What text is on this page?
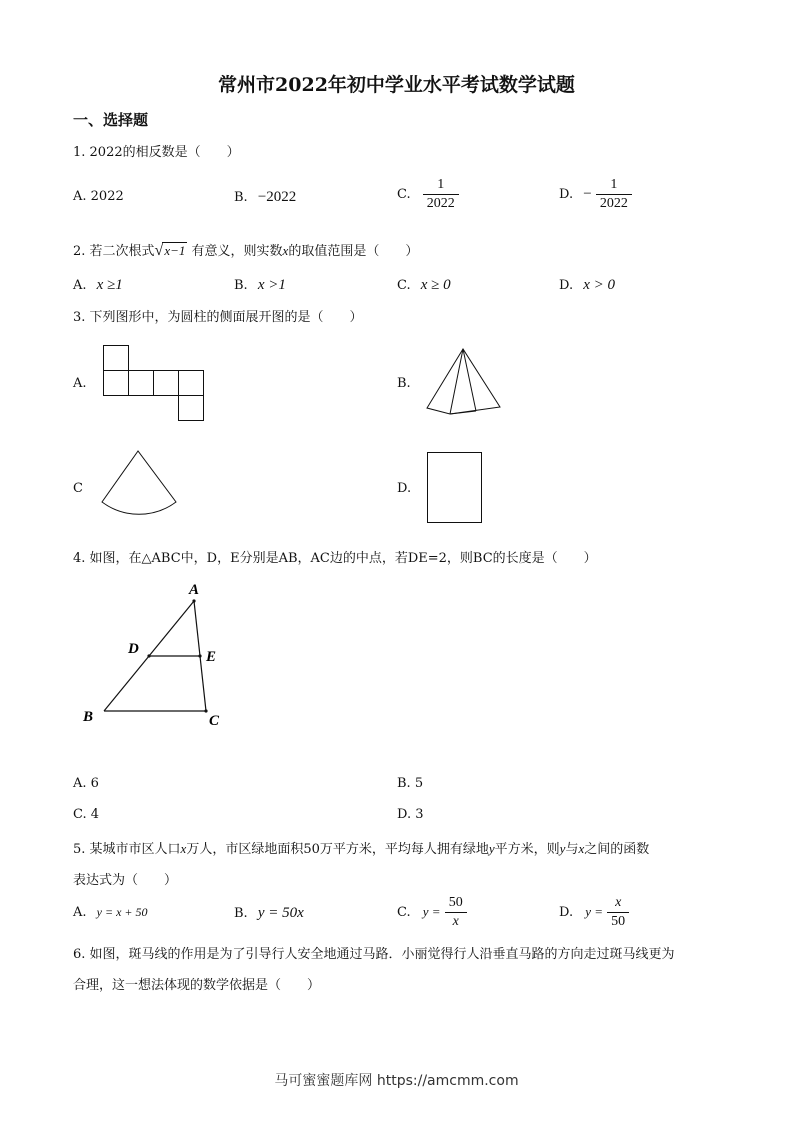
常州市2022年初中学业水平考试数学试题
一、选择题
1. 2022的相反数是（　　）
A. 2022	B. −2022	C. $\frac{1}{2022}$	D. − $\frac{1}{2022}$
2. 若二次根式√x−1 有意义，则实数x的取值范围是（　　）
A. x ≥1	B. x >1	C. x ≥ 0	D. x > 0
3. 下列图形中，为圆柱的侧面展开图的是（　　）
A.	B.
C	D.
4. 如图，在△ABC中，D，E分别是AB，AC边的中点，若DE=2，则BC的长度是（　　）
A
D	E
B	C
A. 6	B. 5
C. 4	D. 3
5. 某城市市区人口x万人，市区绿地面积50万平方米，平均每人拥有绿地y平方米，则y与x之间的函数
表达式为（　　）
A. y = x + 50	B. y = 50x	C. $y = \frac{50}{x}$	D. $y = \frac{x}{50}$
6. 如图，斑马线的作用是为了引导行人安全地通过马路．小丽觉得行人沿垂直马路的方向走过斑马线更为
合理，这一想法体现的数学依据是（　　）
马可蜜蜜题库网 https://amcmm.com
